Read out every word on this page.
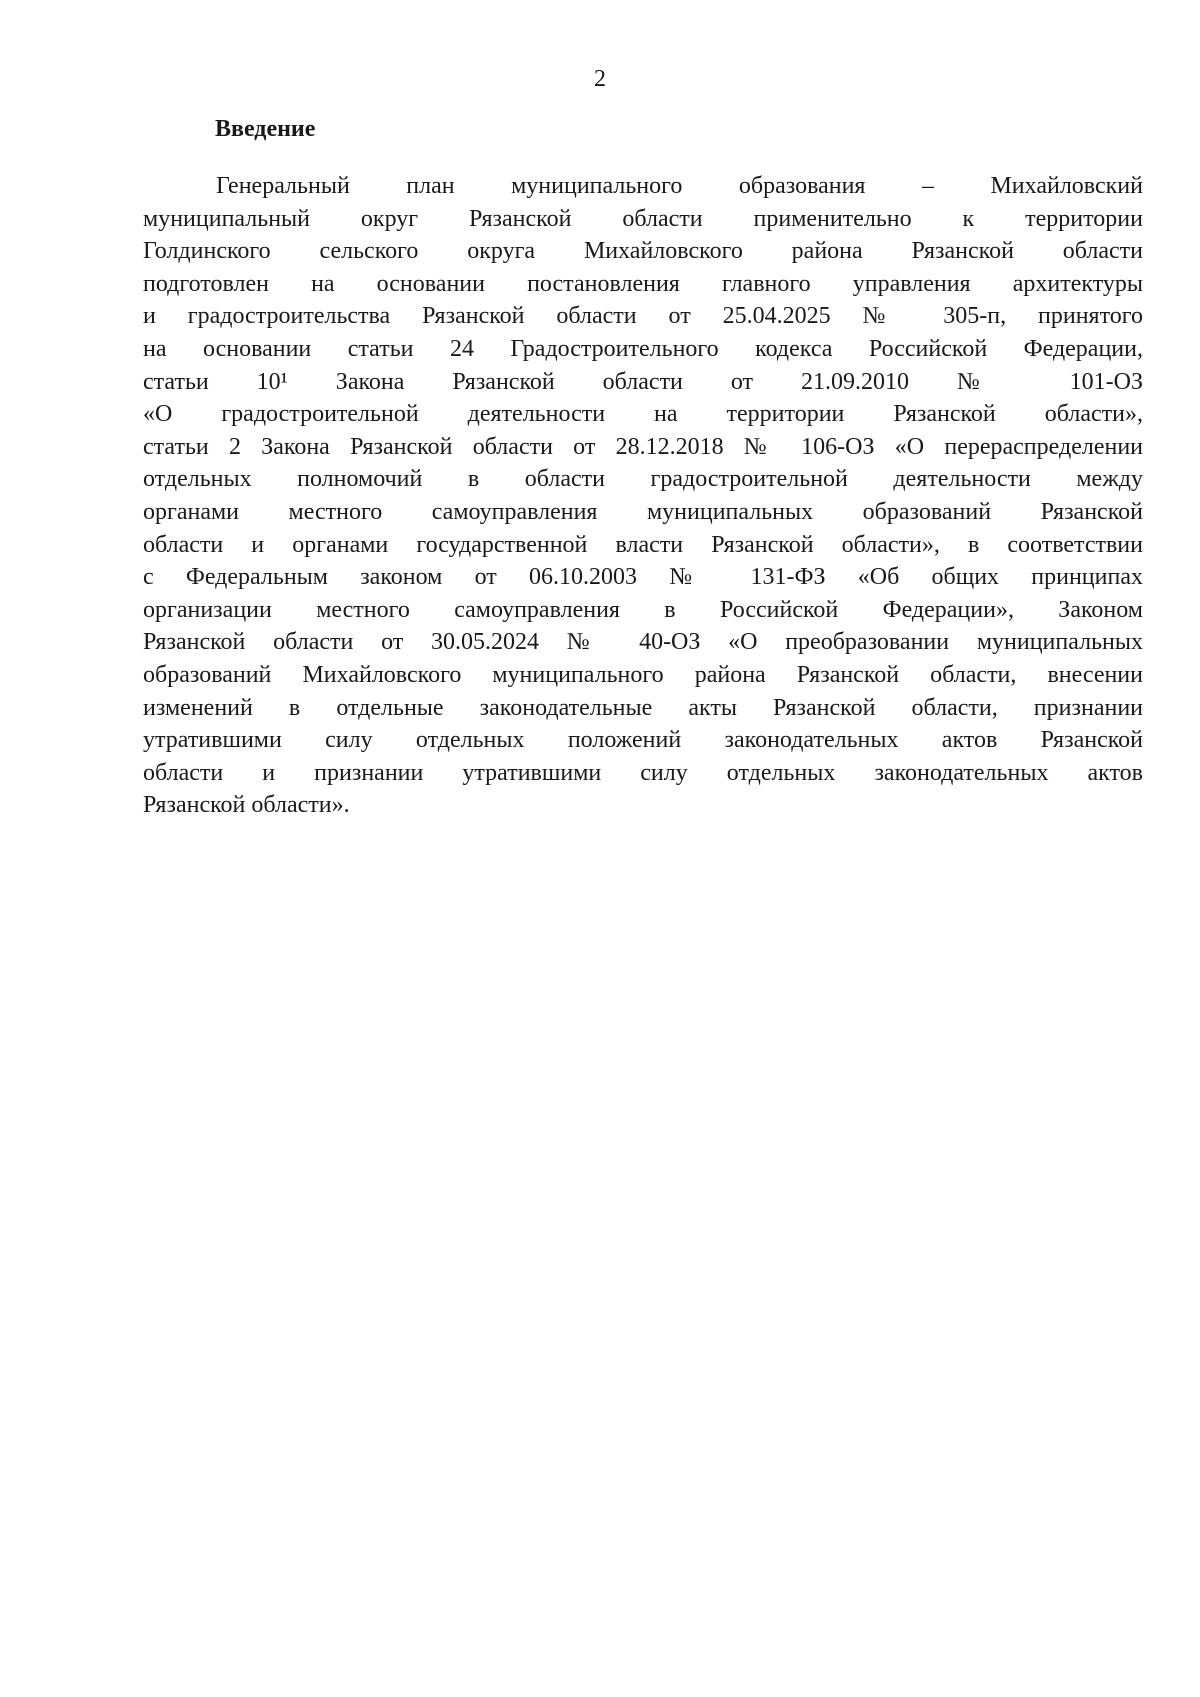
2
Введение
Генеральный план муниципального образования – Михайловский
муниципальный округ Рязанской области применительно к территории
Голдинского сельского округа Михайловского района Рязанской области
подготовлен на основании постановления главного управления архитектуры
и градостроительства Рязанской области от 25.04.2025 № 305-п, принятого
на основании статьи 24 Градостроительного кодекса Российской Федерации,
статьи 10¹ Закона Рязанской области от 21.09.2010 № 101-ОЗ
«О градостроительной деятельности на территории Рязанской области»,
статьи 2 Закона Рязанской области от 28.12.2018 № 106-ОЗ «О перераспределении
отдельных полномочий в области градостроительной деятельности между
органами местного самоуправления муниципальных образований Рязанской
области и органами государственной власти Рязанской области», в соответствии
с Федеральным законом от 06.10.2003 № 131-ФЗ «Об общих принципах
организации местного самоуправления в Российской Федерации», Законом
Рязанской области от 30.05.2024 № 40-ОЗ «О преобразовании муниципальных
образований Михайловского муниципального района Рязанской области, внесении
изменений в отдельные законодательные акты Рязанской области, признании
утратившими силу отдельных положений законодательных актов Рязанской
области и признании утратившими силу отдельных законодательных актов
Рязанской области».
